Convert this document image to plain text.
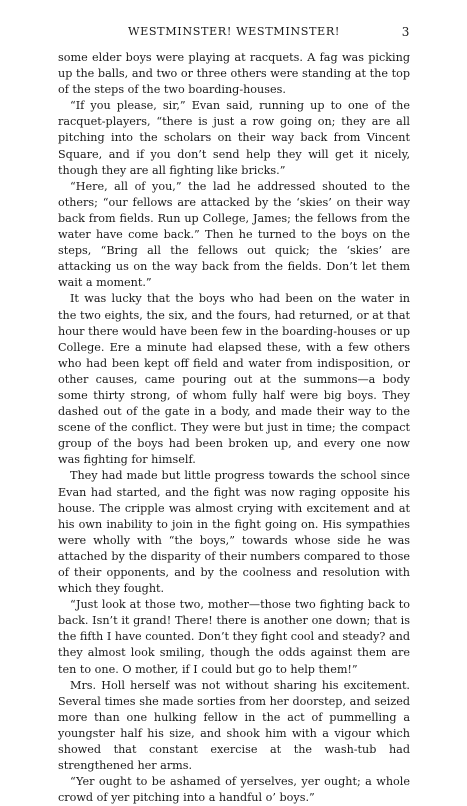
WESTMINSTER! WESTMINSTER!	3

some elder boys were playing at racquets. A fag was picking up the balls, and two or three others were standing at the top of the steps of the two boarding-houses.

“If you please, sir,” Evan said, running up to one of the racquet-players, “there is just a row going on; they are all pitching into the scholars on their way back from Vincent Square, and if you don’t send help they will get it nicely, though they are all fighting like bricks.”

“Here, all of you,” the lad he addressed shouted to the others; “our fellows are attacked by the ‘skies’ on their way back from fields. Run up College, James; the fellows from the water have come back.” Then he turned to the boys on the steps, “Bring all the fellows out quick; the ‘skies’ are attacking us on the way back from the fields. Don’t let them wait a moment.”

It was lucky that the boys who had been on the water in the two eights, the six, and the fours, had returned, or at that hour there would have been few in the boarding-houses or up College. Ere a minute had elapsed these, with a few others who had been kept off field and water from indisposition, or other causes, came pouring out at the summons—a body some thirty strong, of whom fully half were big boys. They dashed out of the gate in a body, and made their way to the scene of the conflict. They were but just in time; the compact group of the boys had been broken up, and every one now was fighting for himself.

They had made but little progress towards the school since Evan had started, and the fight was now raging opposite his house. The cripple was almost crying with excitement and at his own inability to join in the fight going on. His sympathies were wholly with “the boys,” towards whose side he was attached by the disparity of their numbers compared to those of their opponents, and by the coolness and resolution with which they fought.

“Just look at those two, mother—those two fighting back to back. Isn’t it grand! There! there is another one down; that is the fifth I have counted. Don’t they fight cool and steady? and they almost look smiling, though the odds against them are ten to one. O mother, if I could but go to help them!”

Mrs. Holl herself was not without sharing his excitement. Several times she made sorties from her doorstep, and seized more than one hulking fellow in the act of pummelling a youngster half his size, and shook him with a vigour which showed that constant exercise at the wash-tub had strengthened her arms.

“Yer ought to be ashamed of yerselves, yer ought; a whole crowd of yer pitching into a handful o’ boys.”
